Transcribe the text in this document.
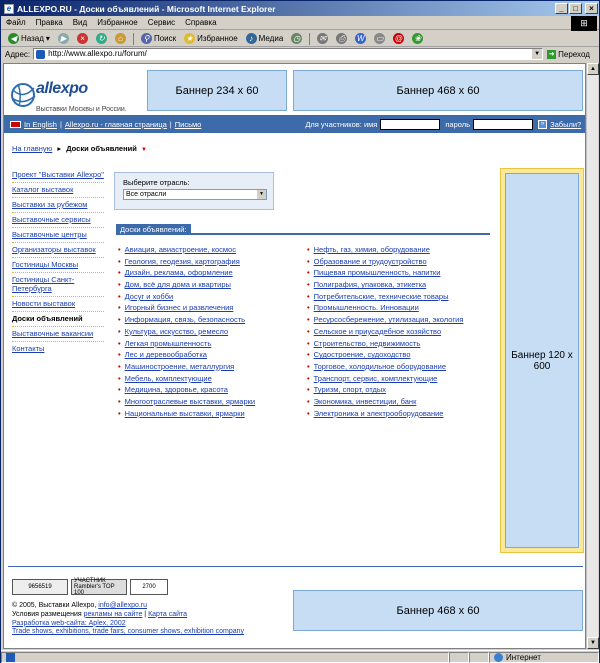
e ALLEXPO.RU - Доски объявлений - Microsoft Internet Explorer	_	□	×
Файл	Правка	Вид	Избранное	Сервис	Справка	⊞
◀ Назад ▾	▶	×	↻	⌂	⚲ Поиск ★ Избранное	♪ Медиа ◷ ✉ ⎙ W ▭ @ ❀
Адрес:	http://www.allexpo.ru/forum/	▼ ➜ Переход
allexpo
Выставки Москвы и России.
Баннер 234 x 60	Баннер 468 x 60
In English | Allexpo.ru - главная страница | Письмо	Для участников: имя	пароль	» Забыли?
На главную ▸ Доски объявлений ▼
Проект "Выставки Allexpo"
Каталог выставок
Выставки за рубежом
Выставочные сервисы
Выставочные центры
Организаторы выставок
Гостиницы Москвы
Гостиницы Санкт-Петербурга
Новости выставок
Доски объявлений
Выставочные вакансии
Контакты
Выберите отрасль:
Все отрасли	▼
Доски объявлений:
• Авиация, авиастроение, космос
• Геология, геодезия, картография
• Дизайн, реклама, оформление
• Дом, всё для дома и квартиры
• Досуг и хобби
• Игорный бизнес и развлечения
• Информация, связь, безопасность
• Культура, искусство, ремесло
• Легкая промышленность
• Лес и деревообработка
• Машиностроение, металлургия
• Мебель, комплектующие
• Медицина, здоровье, красота
• Многоотраслевые выставки, ярмарки
• Национальные выставки, ярмарки
• Нефть, газ, химия, оборудование
• Образование и трудоустройство
• Пищевая промышленность, напитки
• Полиграфия, упаковка, этикетка
• Потребительские, технические товары
• Промышленность. Инновации
• Ресурсосбережение, утилизация, экология
• Сельское и приусадебное хозяйство
• Строительство, недвижимость
• Судостроение, судоходство
• Торговое, холодильное оборудование
• Транспорт, сервис, комплектующие
• Туризм, спорт, отдых
• Экономика, инвестиции, банк
• Электроника и электрооборудование
Баннер 120 x 600
9656519
УЧАСТНИК Rambler's TOP 100
2700
Баннер 468 x 60
© 2005, Выставки Allexpo, info@allexpo.ru
Условия размещения рекламы на сайте | Карта сайта
Разработка web-сайта: Aplex, 2002
Trade shows, exhibitions, trade fairs, consumer shows, exhibition company
▲
▼
Интернет
